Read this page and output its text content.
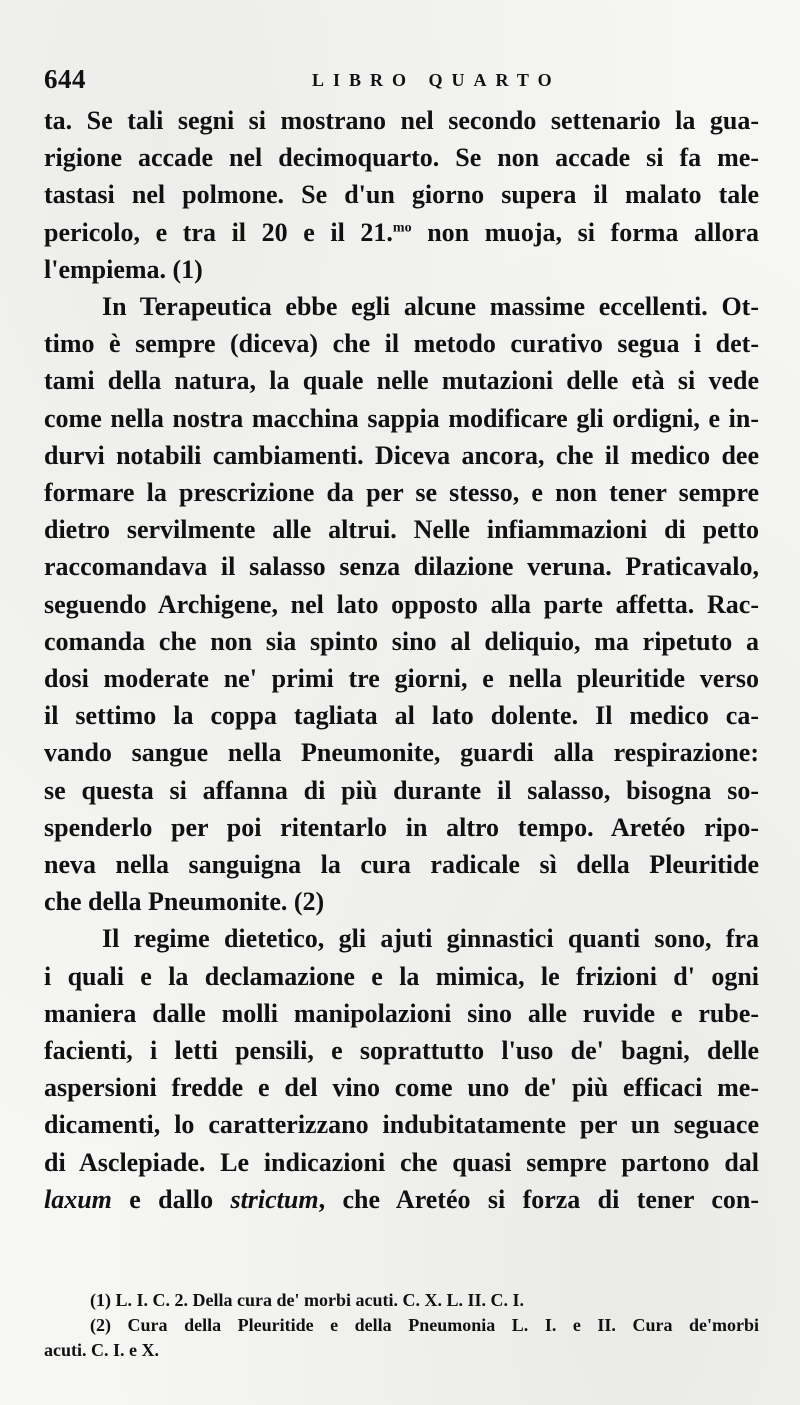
644	LIBRO QUARTO
ta. Se tali segni si mostrano nel secondo settenario la gua-
rigione accade nel decimoquarto. Se non accade si fa me-
tastasi nel polmone. Se d'un giorno supera il malato tale
pericolo, e tra il 20 e il 21.$^{mo}$ non muoja, si forma allora
l'empiema. (1)
In Terapeutica ebbe egli alcune massime eccellenti. Ot-
timo è sempre (diceva) che il metodo curativo segua i det-
tami della natura, la quale nelle mutazioni delle età si vede
come nella nostra macchina sappia modificare gli ordigni, e in-
durvi notabili cambiamenti. Diceva ancora, che il medico dee
formare la prescrizione da per se stesso, e non tener sempre
dietro servilmente alle altrui. Nelle infiammazioni di petto
raccomandava il salasso senza dilazione veruna. Praticavalo,
seguendo Archigene, nel lato opposto alla parte affetta. Rac-
comanda che non sia spinto sino al deliquio, ma ripetuto a
dosi moderate ne' primi tre giorni, e nella pleuritide verso
il settimo la coppa tagliata al lato dolente. Il medico ca-
vando sangue nella Pneumonite, guardi alla respirazione:
se questa si affanna di più durante il salasso, bisogna so-
spenderlo per poi ritentarlo in altro tempo. Aretéo ripo-
neva nella sanguigna la cura radicale sì della Pleuritide
che della Pneumonite. (2)
Il regime dietetico, gli ajuti ginnastici quanti sono, fra
i quali e la declamazione e la mimica, le frizioni d' ogni
maniera dalle molli manipolazioni sino alle ruvide e rube-
facienti, i letti pensili, e soprattutto l'uso de' bagni, delle
aspersioni fredde e del vino come uno de' più efficaci me-
dicamenti, lo caratterizzano indubitatamente per un seguace
di Asclepiade. Le indicazioni che quasi sempre partono dal
laxum e dallo strictum, che Aretéo si forza di tener con-
(1) L. I. C. 2. Della cura de' morbi acuti. C. X. L. II. C. I.
(2) Cura della Pleuritide e della Pneumonia L. I. e II. Cura de'morbi
acuti. C. I. e X.
